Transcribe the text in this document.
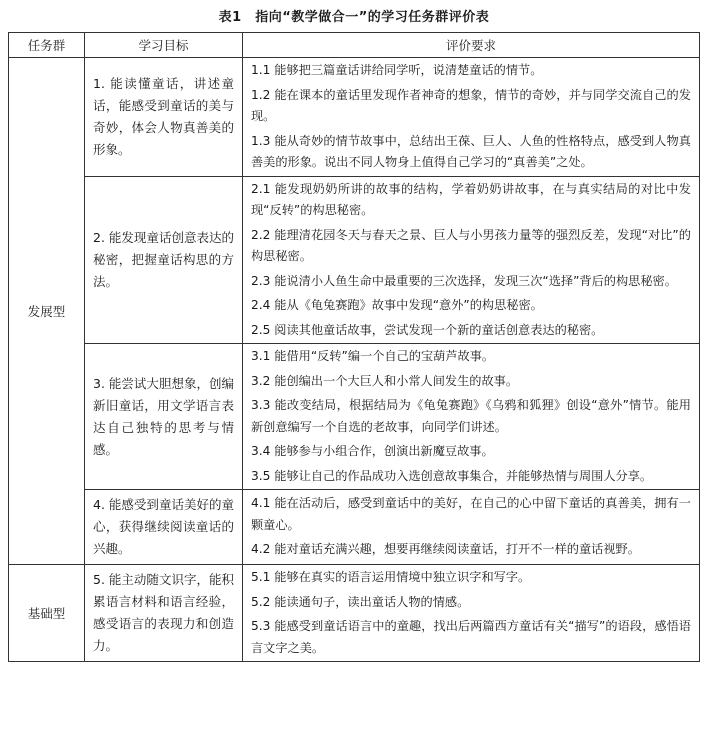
表1　指向“教学做合一”的学习任务群评价表
任务群	学习目标	评价要求
发展型	1. 能读懂童话，讲述童话，能感受到童话的美与奇妙，体会人物真善美的形象。	1.1 能够把三篇童话讲给同学听，说清楚童话的情节。
1.2 能在课本的童话里发现作者神奇的想象，情节的奇妙，并与同学交流自己的发现。
1.3 能从奇妙的情节故事中，总结出王葆、巨人、人鱼的性格特点，感受到人物真善美的形象。说出不同人物身上值得自己学习的“真善美”之处。

	2. 能发现童话创意表达的秘密，把握童话构思的方法。	2.1 能发现奶奶所讲的故事的结构，学着奶奶讲故事，在与真实结局的对比中发现“反转”的构思秘密。
2.2 能理清花园冬天与春天之景、巨人与小男孩力量等的强烈反差，发现“对比”的构思秘密。
2.3 能说清小人鱼生命中最重要的三次选择，发现三次“选择”背后的构思秘密。
2.4 能从《龟兔赛跑》故事中发现“意外”的构思秘密。
2.5 阅读其他童话故事，尝试发现一个新的童话创意表达的秘密。

	3. 能尝试大胆想象，创编新旧童话，用文学语言表达自己独特的思考与情感。	3.1 能借用“反转”编一个自己的宝葫芦故事。
3.2 能创编出一个大巨人和小常人间发生的故事。
3.3 能改变结局，根据结局为《龟兔赛跑》《乌鸦和狐狸》创设“意外”情节。能用新创意编写一个自选的老故事，向同学们讲述。
3.4 能够参与小组合作，创演出新魔豆故事。
3.5 能够让自己的作品成功入选创意故事集合，并能够热情与周围人分享。

	4. 能感受到童话美好的童心，获得继续阅读童话的兴趣。	4.1 能在活动后，感受到童话中的美好，在自己的心中留下童话的真善美，拥有一颗童心。
4.2 能对童话充满兴趣，想要再继续阅读童话，打开不一样的童话视野。

基础型	5. 能主动随文识字，能积累语言材料和语言经验，感受语言的表现力和创造力。	5.1 能够在真实的语言运用情境中独立识字和写字。
5.2 能读通句子，读出童话人物的情感。
5.3 能感受到童话语言中的童趣，找出后两篇西方童话有关“描写”的语段，感悟语言文字之美。
